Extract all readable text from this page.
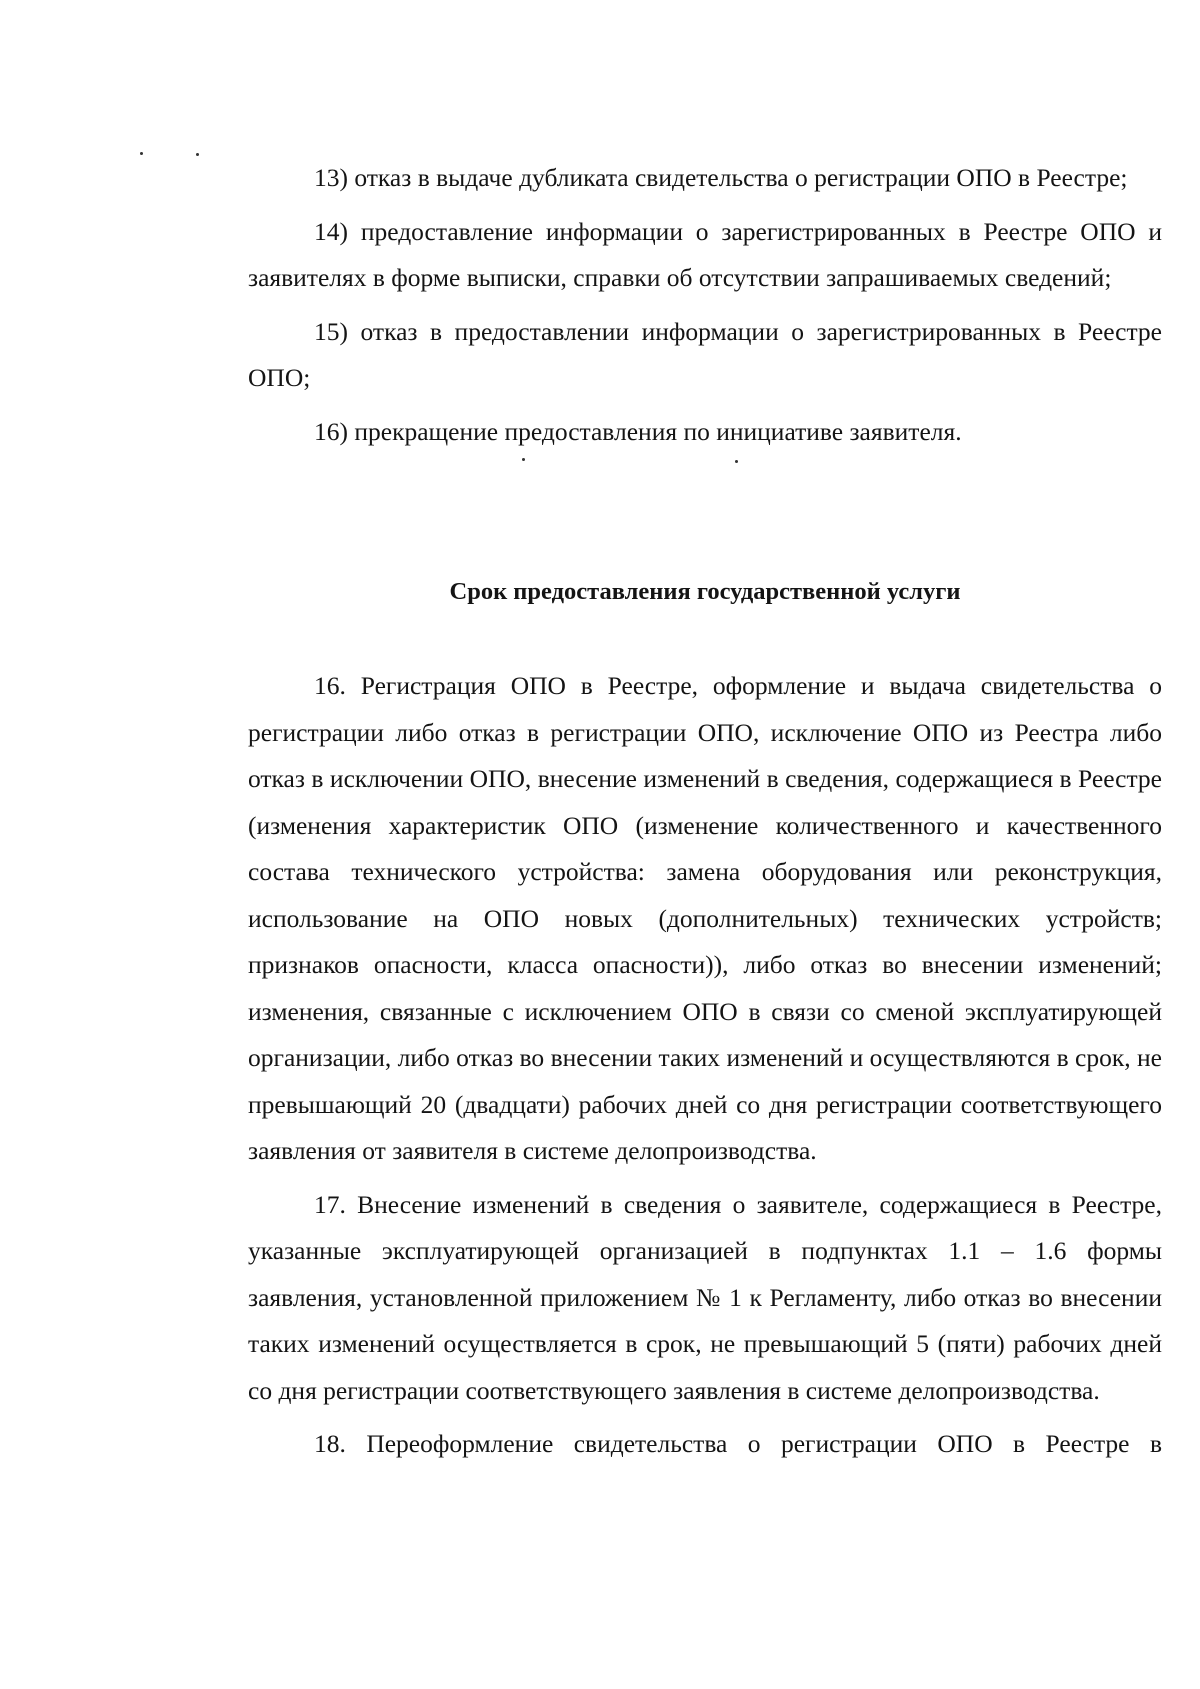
13) отказ в выдаче дубликата свидетельства о регистрации ОПО в Реестре;

14) предоставление информации о зарегистрированных в Реестре ОПО и заявителях в форме выписки, справки об отсутствии запрашиваемых сведений;

15) отказ в предоставлении информации о зарегистрированных в Реестре ОПО;

16) прекращение предоставления по инициативе заявителя.

Срок предоставления государственной услуги

16. Регистрация ОПО в Реестре, оформление и выдача свидетельства о регистрации либо отказ в регистрации ОПО, исключение ОПО из Реестра либо отказ в исключении ОПО, внесение изменений в сведения, содержащиеся в Реестре (изменения характеристик ОПО (изменение количественного и качественного состава технического устройства: замена оборудования или реконструкция, использование на ОПО новых (дополнительных) технических устройств; признаков опасности, класса опасности)), либо отказ во внесении изменений; изменения, связанные с исключением ОПО в связи со сменой эксплуатирующей организации, либо отказ во внесении таких изменений и осуществляются в срок, не превышающий 20 (двадцати) рабочих дней со дня регистрации соответствующего заявления от заявителя в системе делопроизводства.

17. Внесение изменений в сведения о заявителе, содержащиеся в Реестре, указанные эксплуатирующей организацией в подпунктах 1.1 – 1.6 формы заявления, установленной приложением № 1 к Регламенту, либо отказ во внесении таких изменений осуществляется в срок, не превышающий 5 (пяти) рабочих дней со дня регистрации соответствующего заявления в системе делопроизводства.

18. Переоформление свидетельства о регистрации ОПО в Реестре в
